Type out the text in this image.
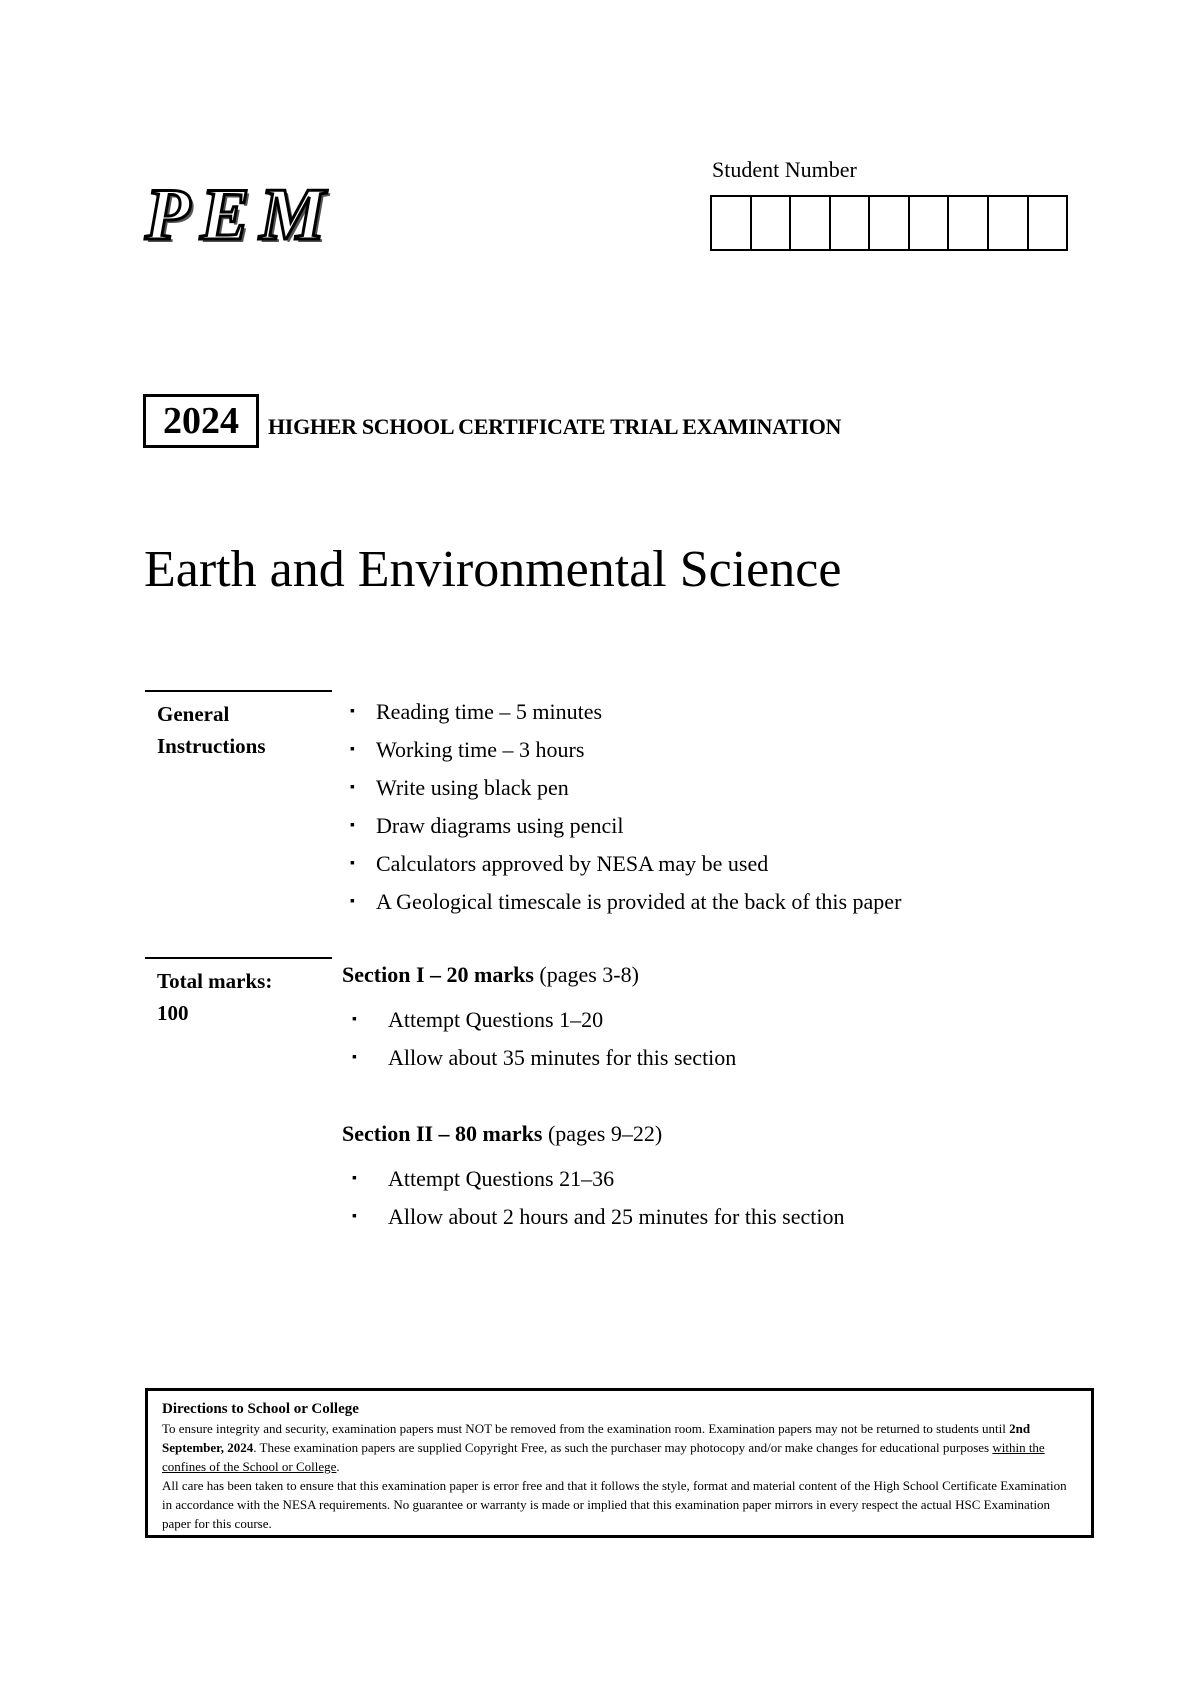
PEM
Student Number
2024	HIGHER SCHOOL CERTIFICATE TRIAL EXAMINATION
Earth and Environmental Science
General
Instructions
▪ Reading time – 5 minutes
▪ Working time – 3 hours
▪ Write using black pen
▪ Draw diagrams using pencil
▪ Calculators approved by NESA may be used
▪ A Geological timescale is provided at the back of this paper
Total marks:
100
Section I – 20 marks (pages 3-8)
▪	Attempt Questions 1–20
▪	Allow about 35 minutes for this section
Section II – 80 marks (pages 9–22)
▪	Attempt Questions 21–36
▪	Allow about 2 hours and 25 minutes for this section
Directions to School or College

To ensure integrity and security, examination papers must NOT be removed from the examination room. Examination papers may not be returned to students until 2nd September, 2024. These examination papers are supplied Copyright Free, as such the purchaser may photocopy and/or make changes for educational purposes within the confines of the School or College.

All care has been taken to ensure that this examination paper is error free and that it follows the style, format and material content of the High School Certificate Examination in accordance with the NESA requirements. No guarantee or warranty is made or implied that this examination paper mirrors in every respect the actual HSC Examination paper for this course.
